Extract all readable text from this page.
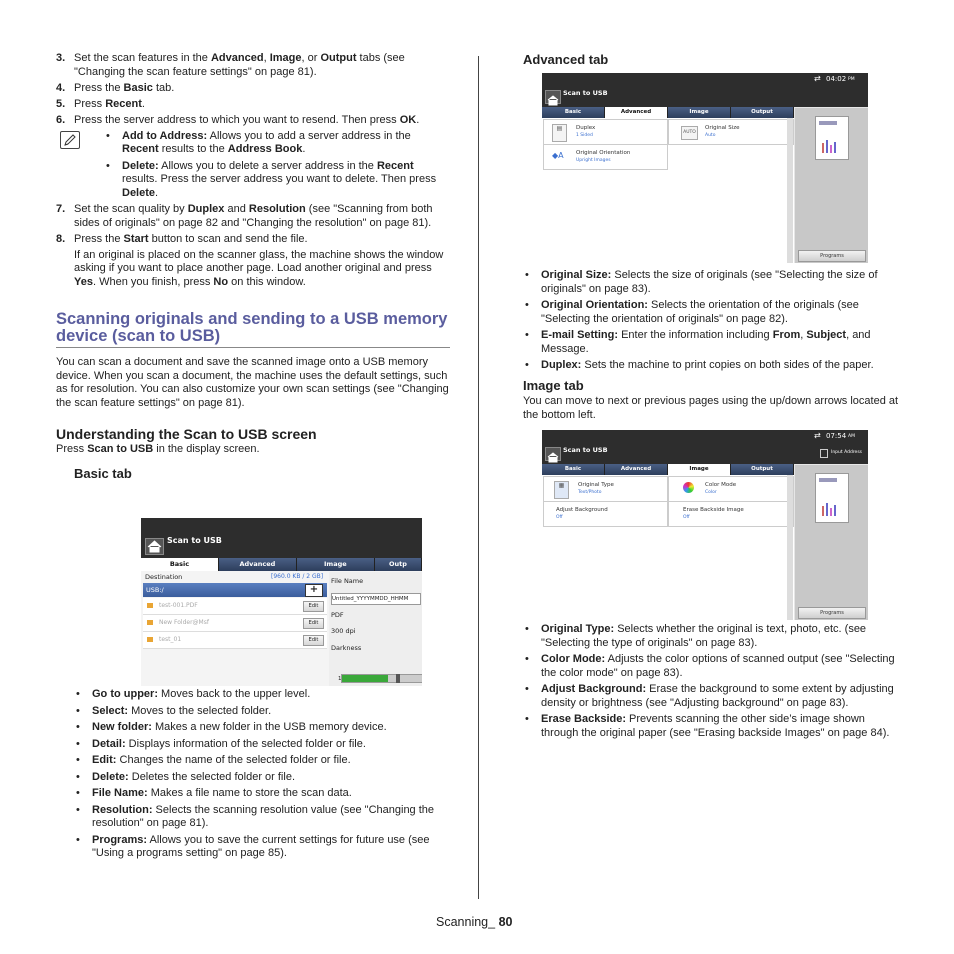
3. Set the scan features in the Advanced, Image, or Output tabs (see "Changing the scan feature settings" on page 81).
4. Press the Basic tab.
5. Press Recent.
6. Press the server address to which you want to resend. Then press OK.
• Add to Address: Allows you to add a server address in the Recent results to the Address Book.
• Delete: Allows you to delete a server address in the Recent results. Press the server address you want to delete. Then press Delete.
7. Set the scan quality by Duplex and Resolution (see "Scanning from both sides of originals" on page 82 and "Changing the resolution" on page 81).
8. Press the Start button to scan and send the file.

If an original is placed on the scanner glass, the machine shows the window asking if you want to place another page. Load another original and press Yes. When you finish, press No on this window.

Scanning originals and sending to a USB memory device (scan to USB)

You can scan a document and save the scanned image onto a USB memory device. When you scan a document, the machine uses the default settings, such as for resolution. You can also customize your own scan settings (see "Changing the scan feature settings" on page 81).

Understanding the Scan to USB screen

Press Scan to USB in the display screen.

Basic tab
Scan to USB
Basic	Advanced	Image	Outp
Destination	[960.0 KB / 2 GB]
USB:/	+
test-001.PDF	Edit
New Folder@Msf	Edit
test_01	Edit
File Name
Untitled_YYYYMMDD_HHMM
PDF
300 dpi
Darkness
1
• Go to upper: Moves back to the upper level.
• Select: Moves to the selected folder.
• New folder: Makes a new folder in the USB memory device.
• Detail: Displays information of the selected folder or file.
• Edit: Changes the name of the selected folder or file.
• Delete: Deletes the selected folder or file.
• File Name: Makes a file name to store the scan data.
• Resolution: Selects the scanning resolution value (see "Changing the resolution" on page 81).
• Programs: Allows you to save the current settings for future use (see "Using a programs setting" on page 85).
Advanced tab
⇄ 04:02 PM
Scan to USB
Basic	Advanced	Image	Output
▤	Duplex
1 Sided
AUTO
Original Size
Auto
◆A Original Orientation
Upright Images
Programs
• Original Size: Selects the size of originals (see "Selecting the size of originals" on page 83).
• Original Orientation: Selects the orientation of the originals (see "Selecting the orientation of originals" on page 82).
• E-mail Setting: Enter the information including From, Subject, and Message.
• Duplex: Sets the machine to print copies on both sides of the paper.
Image tab

You can move to next or previous pages using the up/down arrows located at the bottom left.

⇄ 07:54 AM
Scan to USB	Input Address
Basic	Advanced	Image	Output
▦	Original Type
Text/Photo
Color Mode
Color
Adjust Background
Off
Erase Backside Image
Off
Programs
• Original Type: Selects whether the original is text, photo, etc. (see "Selecting the type of originals" on page 83).
• Color Mode: Adjusts the color options of scanned output (see "Selecting the color mode" on page 83).
• Adjust Background: Erase the background to some extent by adjusting density or brightness (see "Adjusting background" on page 83).
• Erase Backside: Prevents scanning the other side’s image shown through the original paper (see "Erasing backside Images" on page 84).
Scanning_ 80
